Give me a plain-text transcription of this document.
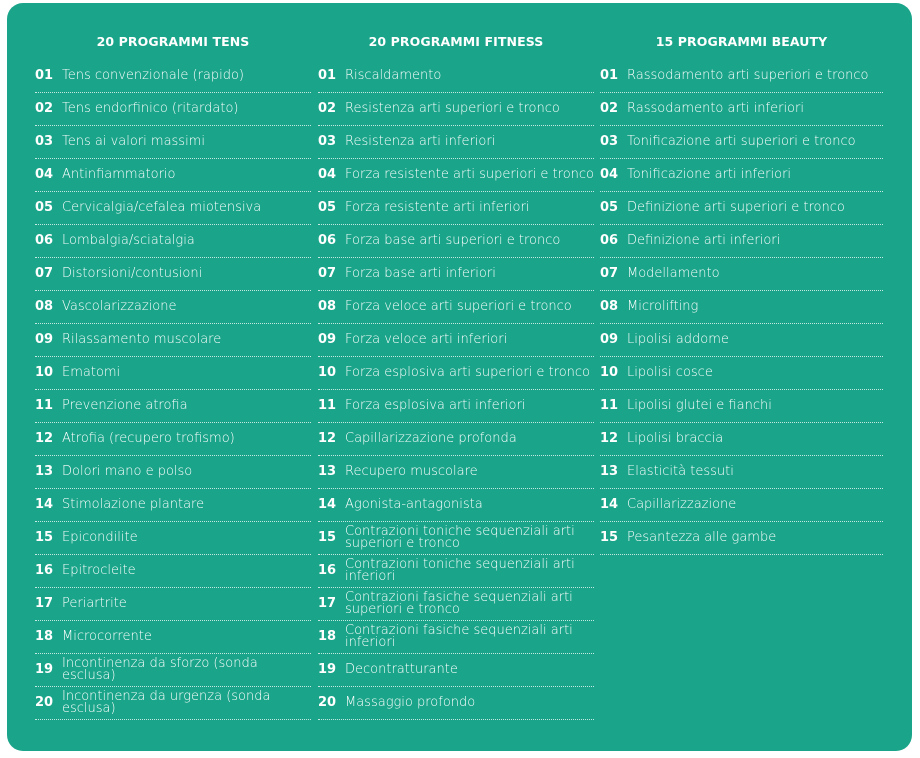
20 PROGRAMMI TENS
01 Tens convenzionale (rapido)
02 Tens endorfinico (ritardato)
03 Tens ai valori massimi
04 Antinfiammatorio
05 Cervicalgia/cefalea miotensiva
06 Lombalgia/sciatalgia
07 Distorsioni/contusioni
08 Vascolarizzazione
09 Rilassamento muscolare
10 Ematomi
11 Prevenzione atrofia
12 Atrofia (recupero trofismo)
13 Dolori mano e polso
14 Stimolazione plantare
15 Epicondilite
16 Epitrocleite
17 Periartrite
18 Microcorrente
19 Incontinenza da sforzo (sonda esclusa)
20 Incontinenza da urgenza (sonda esclusa)
20 PROGRAMMI FITNESS
01 Riscaldamento
02 Resistenza arti superiori e tronco
03 Resistenza arti inferiori
04 Forza resistente arti superiori e tronco
05 Forza resistente arti inferiori
06 Forza base arti superiori e tronco
07 Forza base arti inferiori
08 Forza veloce arti superiori e tronco
09 Forza veloce arti inferiori
10 Forza esplosiva arti superiori e tronco
11 Forza esplosiva arti inferiori
12 Capillarizzazione profonda
13 Recupero muscolare
14 Agonista-antagonista
15 Contrazioni toniche sequenziali arti superiori e tronco
16 Contrazioni toniche sequenziali arti inferiori
17 Contrazioni fasiche sequenziali arti superiori e tronco
18 Contrazioni fasiche sequenziali arti inferiori
19 Decontratturante
20 Massaggio profondo
15 PROGRAMMI BEAUTY
01 Rassodamento arti superiori e tronco
02 Rassodamento arti inferiori
03 Tonificazione arti superiori e tronco
04 Tonificazione arti inferiori
05 Definizione arti superiori e tronco
06 Definizione arti inferiori
07 Modellamento
08 Microlifting
09 Lipolisi addome
10 Lipolisi cosce
11 Lipolisi glutei e fianchi
12 Lipolisi braccia
13 Elasticità tessuti
14 Capillarizzazione
15 Pesantezza alle gambe
